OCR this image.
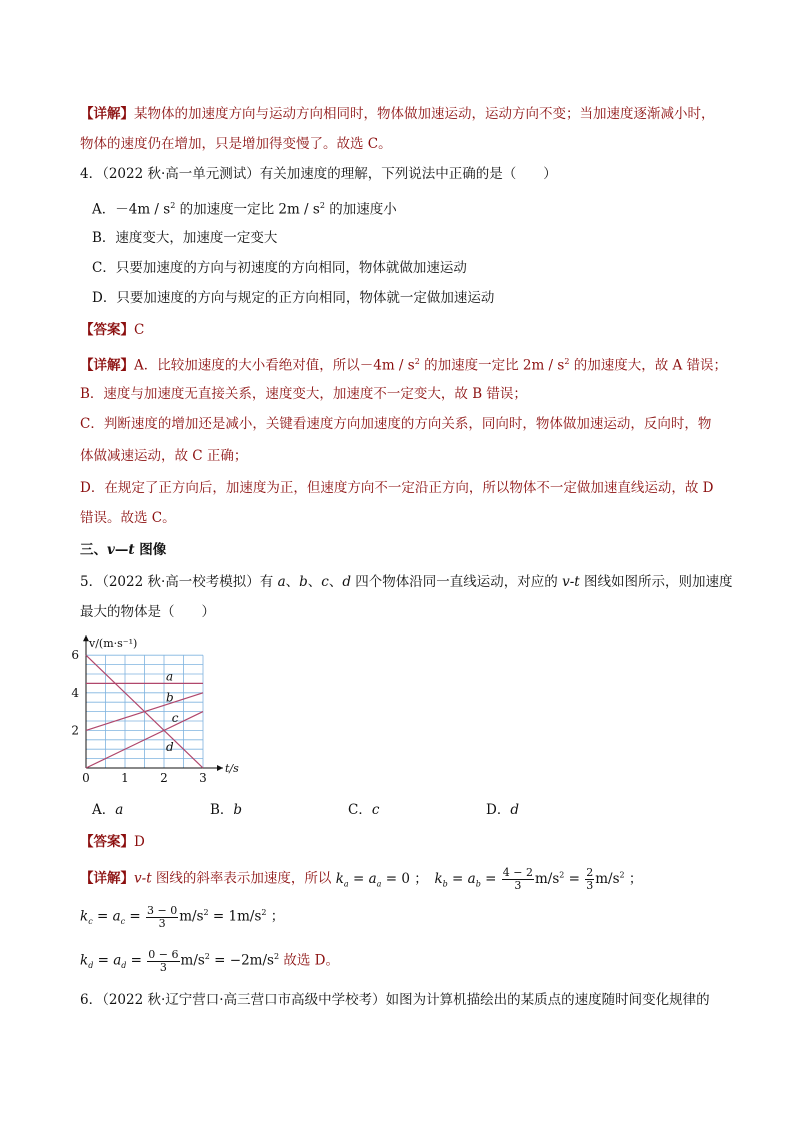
【详解】某物体的加速度方向与运动方向相同时，物体做加速运动，运动方向不变；当加速度逐渐减小时，
物体的速度仍在增加，只是增加得变慢了。故选 C。
4．（2022 秋·高一单元测试）有关加速度的理解，下列说法中正确的是（　　）
A．$-4m / s^2$ 的加速度一定比 $2m / s^2$ 的加速度小
B．速度变大，加速度一定变大
C．只要加速度的方向与初速度的方向相同，物体就做加速运动
D．只要加速度的方向与规定的正方向相同，物体就一定做加速运动
【答案】C
【详解】A．比较加速度的大小看绝对值，所以$-4m / s^2$ 的加速度一定比 $2m / s^2$ 的加速度大，故 A 错误；
B．速度与加速度无直接关系，速度变大，加速度不一定变大，故 B 错误；
C．判断速度的增加还是减小，关键看速度方向加速度的方向关系，同向时，物体做加速运动，反向时，物
体做减速运动，故 C 正确；
D．在规定了正方向后，加速度为正，但速度方向不一定沿正方向，所以物体不一定做加速直线运动，故 D
错误。故选 C。
三、v—t 图像
5．（2022 秋·高一校考模拟）有 a、b、c、d 四个物体沿同一直线运动，对应的 v-t 图线如图所示，则加速度
最大的物体是（　　）
a
b
c
d
0	1	2	3
2
4
6
v/(m·s⁻¹)
t/s
A．a	B．b	C．c	D．d
【答案】D
【详解】v-t 图线的斜率表示加速度，所以 $k_a = a_a = 0$ ；　 $k_b = a_b = \frac{4 - 2}{3} m/s^2 = \frac{2}{3} m/s^2$ ；
$k_c = a_c = \frac{3 - 0}{3} m/s^2 = 1m/s^2$ ；
$k_d = a_d = \frac{0 - 6}{3} m/s^2 = -2m/s^2$ 故选 D。
6．（2022 秋·辽宁营口·高三营口市高级中学校考）如图为计算机描绘出的某质点的速度随时间变化规律的
